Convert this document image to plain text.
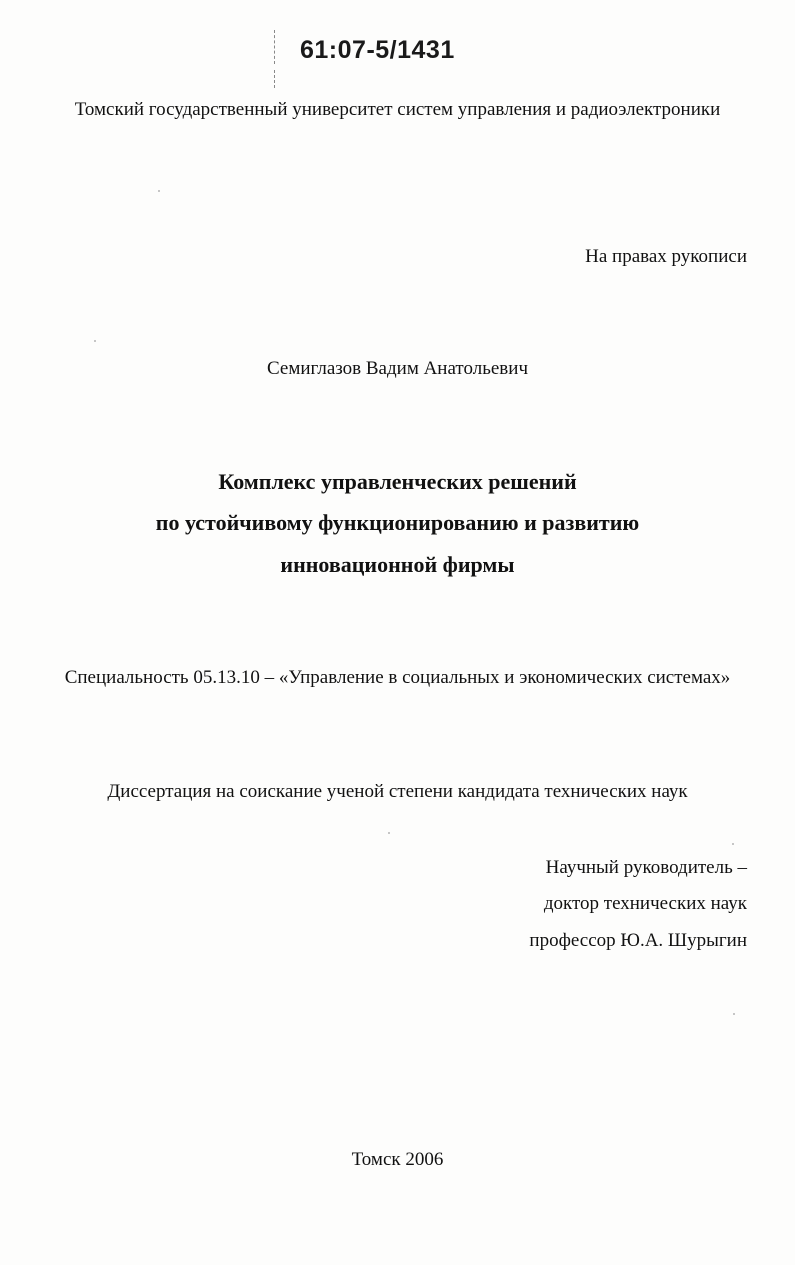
61:07-5/1431
Томский государственный университет систем управления и радиоэлектроники
На правах рукописи
Семиглазов Вадим Анатольевич
Комплекс управленческих решений
по устойчивому функционированию и развитию
инновационной фирмы
Специальность 05.13.10 – «Управление в социальных и экономических системах»
Диссертация на соискание ученой степени кандидата технических наук
Научный руководитель –
доктор технических наук
профессор Ю.А. Шурыгин
Томск 2006
